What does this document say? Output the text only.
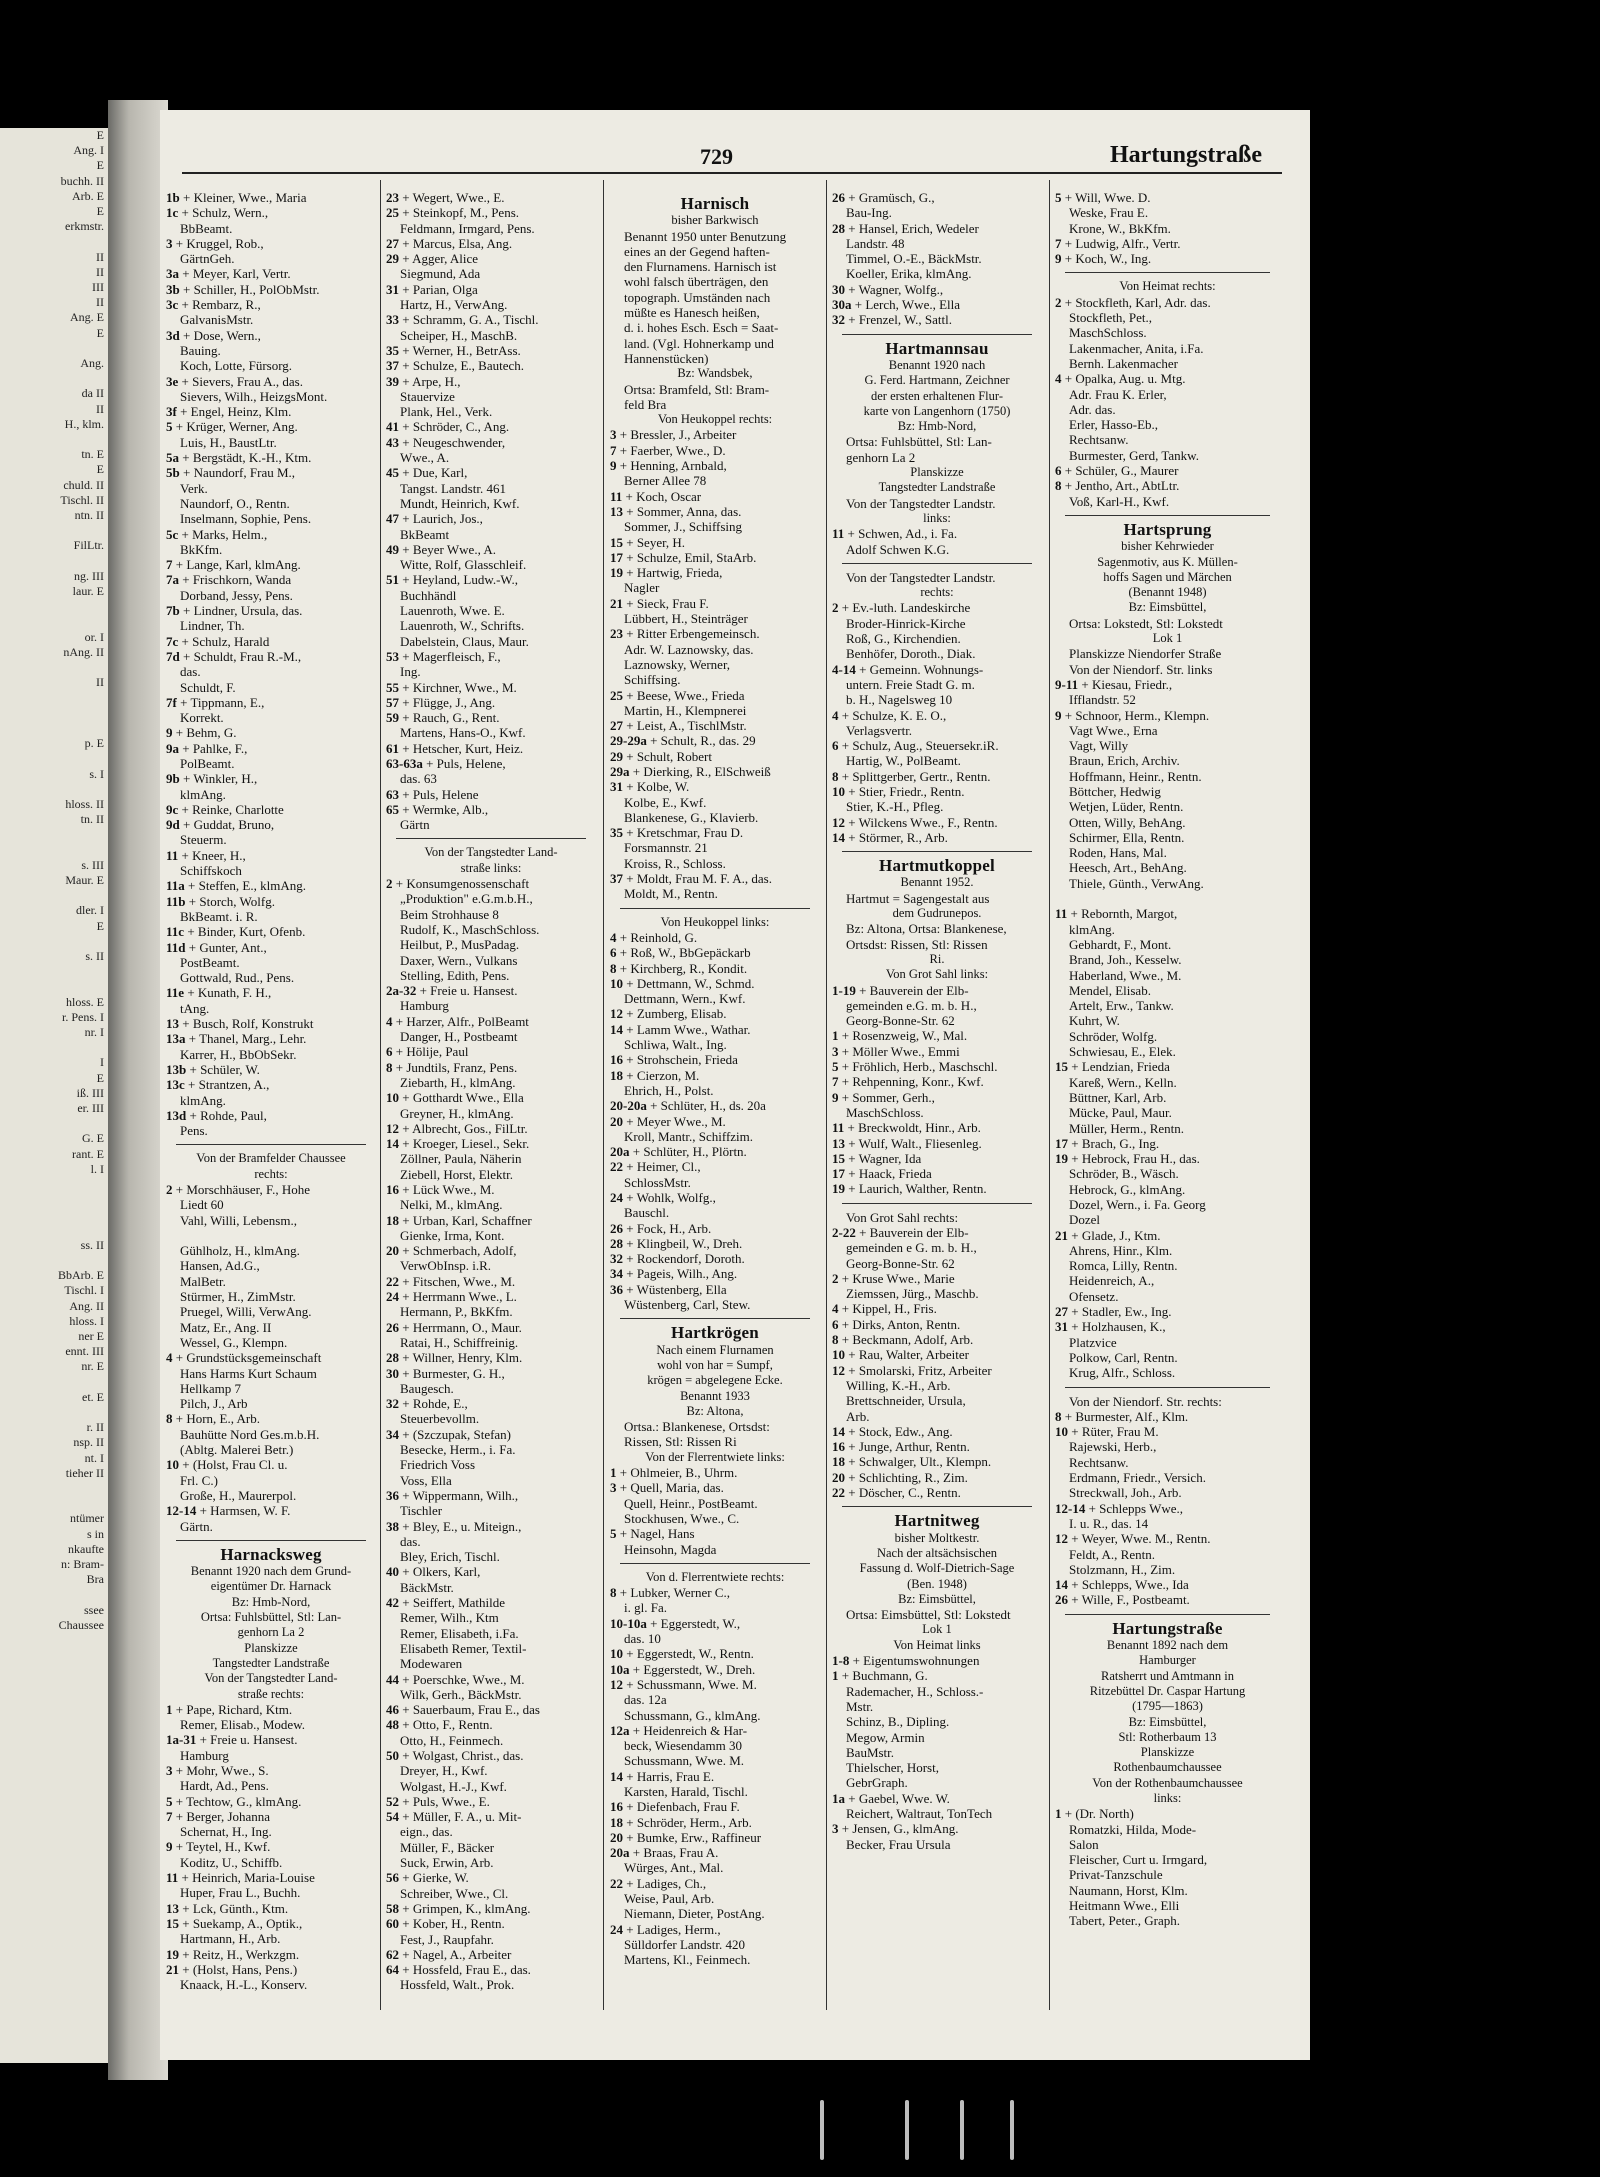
E
Ang. I
E
buchh. II
Arb. E
E
erkmstr.

II
II
III
II
Ang. E
E

Ang.

da II
II
H., klm.

tn. E
E
chuld. II
Tischl. II
ntn. II

FilLtr.

ng. III
laur. E

or. I
nAng. II

II

p. E

s. I

hloss. II
tn. II

s. III
Maur. E

dler. I
E

s. II

hloss. E
r. Pens. I
nr. I

I
E
iß. III
er. III

G. E
rant. E
l. I

ss. II

BbArb. E
Tischl. I
Ang. II
hloss. I
ner E
ennt. III
nr. E

et. E

r. II
nsp. II
nt. I
tieher II

ntümer
s in
nkaufte
n: Bram-
Bra

ssee
Chaussee
729	Hartungstraße
1b + Kleiner, Wwe., Maria
1c + Schulz, Wern.,
BbBeamt.
3 + Kruggel, Rob.,
GärtnGeh.
3a + Meyer, Karl, Vertr.
3b + Schiller, H., PolObMstr.
3c + Rembarz, R.,
GalvanisMstr.
3d + Dose, Wern.,
Bauing.
Koch, Lotte, Fürsorg.
3e + Sievers, Frau A., das.
Sievers, Wilh., HeizgsMont.
3f + Engel, Heinz, Klm.
5 + Krüger, Werner, Ang.
Luis, H., BaustLtr.
5a + Bergstädt, K.-H., Ktm.
5b + Naundorf, Frau M.,
Verk.
Naundorf, O., Rentn.
Inselmann, Sophie, Pens.
5c + Marks, Helm.,
BkKfm.
7 + Lange, Karl, klmAng.
7a + Frischkorn, Wanda
Dorband, Jessy, Pens.
7b + Lindner, Ursula, das.
Lindner, Th.
7c + Schulz, Harald
7d + Schuldt, Frau R.-M.,
das.
Schuldt, F.
7f + Tippmann, E.,
Korrekt.
9 + Behm, G.
9a + Pahlke, F.,
PolBeamt.
9b + Winkler, H.,
klmAng.
9c + Reinke, Charlotte
9d + Guddat, Bruno,
Steuerm.
11 + Kneer, H.,
Schiffskoch
11a + Steffen, E., klmAng.
11b + Storch, Wolfg.
BkBeamt. i. R.
11c + Binder, Kurt, Ofenb.
11d + Gunter, Ant.,
PostBeamt.
Gottwald, Rud., Pens.
11e + Kunath, F. H.,
tAng.
13 + Busch, Rolf, Konstrukt
13a + Thanel, Marg., Lehr.
Karrer, H., BbObSekr.
13b + Schüler, W.
13c + Strantzen, A.,
klmAng.
13d + Rohde, Paul,
Pens.
Von der Bramfelder Chaussee
rechts:
2 + Morschhäuser, F., Hohe
Liedt 60
Vahl, Willi, Lebensm.,

Gühlholz, H., klmAng.
Hansen, Ad.G.,
MalBetr.
Stürmer, H., ZimMstr.
Pruegel, Willi, VerwAng.
Matz, Er., Ang. II
Wessel, G., Klempn.
4 + Grundstücksgemeinschaft
Hans Harms Kurt Schaum
Hellkamp 7
Pilch, J., Arb
8 + Horn, E., Arb.
Bauhütte Nord Ges.m.b.H.
(Abltg. Malerei Betr.)
10 + (Holst, Frau Cl. u.
Frl. C.)
Große, H., Maurerpol.
12-14 + Harmsen, W. F.
Gärtn.
Harnacksweg
Benannt 1920 nach dem Grund-
eigentümer Dr. Harnack
Bz: Hmb-Nord,
Ortsa: Fuhlsbüttel, Stl: Lan-
genhorn La 2
Planskizze
Tangstedter Landstraße
Von der Tangstedter Land-
straße rechts:
1 + Pape, Richard, Ktm.
Remer, Elisab., Modew.
1a-31 + Freie u. Hansest.
Hamburg
3 + Mohr, Wwe., S.
Hardt, Ad., Pens.
5 + Techtow, G., klmAng.
7 + Berger, Johanna
Schernat, H., Ing.
9 + Teytel, H., Kwf.
Koditz, U., Schiffb.
11 + Heinrich, Maria-Louise
Huper, Frau L., Buchh.
13 + Lck, Günth., Ktm.
15 + Suekamp, A., Optik.,
Hartmann, H., Arb.
19 + Reitz, H., Werkzgm.
21 + (Holst, Hans, Pens.)
Knaack, H.-L., Konserv.
23 + Wegert, Wwe., E.
25 + Steinkopf, M., Pens.
Feldmann, Irmgard, Pens.
27 + Marcus, Elsa, Ang.
29 + Agger, Alice
Siegmund, Ada
31 + Parian, Olga
Hartz, H., VerwAng.
33 + Schramm, G. A., Tischl.
Scheiper, H., MaschB.
35 + Werner, H., BetrAss.
37 + Schulze, E., Bautech.
39 + Arpe, H.,
Stauervize
Plank, Hel., Verk.
41 + Schröder, C., Ang.
43 + Neugeschwender,
Wwe., A.
45 + Due, Karl,
Tangst. Landstr. 461
Mundt, Heinrich, Kwf.
47 + Laurich, Jos.,
BkBeamt
49 + Beyer Wwe., A.
Witte, Rolf, Glasschleif.
51 + Heyland, Ludw.-W.,
Buchhändl
Lauenroth, Wwe. E.
Lauenroth, W., Schrifts.
Dabelstein, Claus, Maur.
53 + Magerfleisch, F.,
Ing.
55 + Kirchner, Wwe., M.
57 + Flügge, J., Ang.
59 + Rauch, G., Rent.
Martens, Hans-O., Kwf.
61 + Hetscher, Kurt, Heiz.
63-63a + Puls, Helene,
das. 63
63 + Puls, Helene
65 + Wermke, Alb.,
Gärtn
Von der Tangstedter Land-
straße links:
2 + Konsumgenossenschaft
„Produktion" e.G.m.b.H.,
Beim Strohhause 8
Rudolf, K., MaschSchloss.
Heilbut, P., MusPadag.
Daxer, Wern., Vulkans
Stelling, Edith, Pens.
2a-32 + Freie u. Hansest.
Hamburg
4 + Harzer, Alfr., PolBeamt
Danger, H., Postbeamt
6 + Hölije, Paul
8 + Jundtils, Franz, Pens.
Ziebarth, H., klmAng.
10 + Gotthardt Wwe., Ella
Greyner, H., klmAng.
12 + Albrecht, Gos., FilLtr.
14 + Kroeger, Liesel., Sekr.
Zöllner, Paula, Näherin
Ziebell, Horst, Elektr.
16 + Lück Wwe., M.
Nelki, M., klmAng.
18 + Urban, Karl, Schaffner
Gienke, Irma, Kont.
20 + Schmerbach, Adolf,
VerwObInsp. i.R.
22 + Fitschen, Wwe., M.
24 + Herrmann Wwe., L.
Hermann, P., BkKfm.
26 + Herrmann, O., Maur.
Ratai, H., Schiffreinig.
28 + Willner, Henry, Klm.
30 + Burmester, G. H.,
Baugesch.
32 + Rohde, E.,
Steuerbevollm.
34 + (Szczupak, Stefan)
Besecke, Herm., i. Fa.
Friedrich Voss
Voss, Ella
36 + Wippermann, Wilh.,
Tischler
38 + Bley, E., u. Miteign.,
das.
Bley, Erich, Tischl.
40 + Olkers, Karl,
BäckMstr.
42 + Seiffert, Mathilde
Remer, Wilh., Ktm
Remer, Elisabeth, i.Fa.
Elisabeth Remer, Textil-
Modewaren
44 + Poerschke, Wwe., M.
Wilk, Gerh., BäckMstr.
46 + Sauerbaum, Frau E., das
48 + Otto, F., Rentn.
Otto, H., Feinmech.
50 + Wolgast, Christ., das.
Dreyer, H., Kwf.
Wolgast, H.-J., Kwf.
52 + Puls, Wwe., E.
54 + Müller, F. A., u. Mit-
eign., das.
Müller, F., Bäcker
Suck, Erwin, Arb.
56 + Gierke, W.
Schreiber, Wwe., Cl.
58 + Grimpen, K., klmAng.
60 + Kober, H., Rentn.
Fest, J., Raupfahr.
62 + Nagel, A., Arbeiter
64 + Hossfeld, Frau E., das.
Hossfeld, Walt., Prok.
Harnisch
bisher Barkwisch
Benannt 1950 unter Benutzung
eines an der Gegend haften-
den Flurnamens. Harnisch ist
wohl falsch überträgen, den
topograph. Umständen nach
müßte es Hanesch heißen,
d. i. hohes Esch. Esch = Saat-
land. (Vgl. Hohnerkamp und
Hannenstücken)
Bz: Wandsbek,
Ortsa: Bramfeld, Stl: Bram-
feld Bra
Von Heukoppel rechts:
3 + Bressler, J., Arbeiter
7 + Faerber, Wwe., D.
9 + Henning, Arnbald,
Berner Allee 78
11 + Koch, Oscar
13 + Sommer, Anna, das.
Sommer, J., Schiffsing
15 + Seyer, H.
17 + Schulze, Emil, StaArb.
19 + Hartwig, Frieda,
Nagler
21 + Sieck, Frau F.
Lübbert, H., Steinträger
23 + Ritter Erbengemeinsch.
Adr. W. Laznowsky, das.
Laznowsky, Werner,
Schiffsing.
25 + Beese, Wwe., Frieda
Martin, H., Klempnerei
27 + Leist, A., TischlMstr.
29-29a + Schult, R., das. 29
29 + Schult, Robert
29a + Dierking, R., ElSchweiß
31 + Kolbe, W.
Kolbe, E., Kwf.
Blankenese, G., Klavierb.
35 + Kretschmar, Frau D.
Forsmannstr. 21
Kroiss, R., Schloss.
37 + Moldt, Frau M. F. A., das.
Moldt, M., Rentn.
Von Heukoppel links:
4 + Reinhold, G.
6 + Roß, W., BbGepäckarb
8 + Kirchberg, R., Kondit.
10 + Dettmann, W., Schmd.
Dettmann, Wern., Kwf.
12 + Zumberg, Elisab.
14 + Lamm Wwe., Wathar.
Schliwa, Walt., Ing.
16 + Strohschein, Frieda
18 + Cierzon, M.
Ehrich, H., Polst.
20-20a + Schlüter, H., ds. 20a
20 + Meyer Wwe., M.
Kroll, Mantr., Schiffzim.
20a + Schlüter, H., Plörtn.
22 + Heimer, Cl.,
SchlossMstr.
24 + Wohlk, Wolfg.,
Bauschl.
26 + Fock, H., Arb.
28 + Klingbeil, W., Dreh.
32 + Rockendorf, Doroth.
34 + Pageis, Wilh., Ang.
36 + Wüstenberg, Ella
Wüstenberg, Carl, Stew.
Hartkrögen
Nach einem Flurnamen
wohl von har = Sumpf,
krögen = abgelegene Ecke.
Benannt 1933
Bz: Altona,
Ortsa.: Blankenese, Ortsdst:
Rissen, Stl: Rissen Ri
Von der Flerrentwiete links:
1 + Ohlmeier, B., Uhrm.
3 + Quell, Maria, das.
Quell, Heinr., PostBeamt.
Stockhusen, Wwe., C.
5 + Nagel, Hans
Heinsohn, Magda
Von d. Flerrentwiete rechts:
8 + Lubker, Werner C.,
i. gl. Fa.
10-10a + Eggerstedt, W.,
das. 10
10 + Eggerstedt, W., Rentn.
10a + Eggerstedt, W., Dreh.
12 + Schussmann, Wwe. M.
das. 12a
Schussmann, G., klmAng.
12a + Heidenreich & Har-
beck, Wiesendamm 30
Schussmann, Wwe. M.
14 + Harris, Frau E.
Karsten, Harald, Tischl.
16 + Diefenbach, Frau F.
18 + Schröder, Herm., Arb.
20 + Bumke, Erw., Raffineur
20a + Braas, Frau A.
Würges, Ant., Mal.
22 + Ladiges, Ch.,
Weise, Paul, Arb.
Niemann, Dieter, PostAng.
24 + Ladiges, Herm.,
Sülldorfer Landstr. 420
Martens, Kl., Feinmech.
26 + Gramüsch, G.,
Bau-Ing.
28 + Hansel, Erich, Wedeler
Landstr. 48
Timmel, O.-E., BäckMstr.
Koeller, Erika, klmAng.
30 + Wagner, Wolfg.,
30a + Lerch, Wwe., Ella
32 + Frenzel, W., Sattl.
Hartmannsau
Benannt 1920 nach
G. Ferd. Hartmann, Zeichner
der ersten erhaltenen Flur-
karte von Langenhorn (1750)
Bz: Hmb-Nord,
Ortsa: Fuhlsbüttel, Stl: Lan-
genhorn La 2
Planskizze
Tangstedter Landstraße
Von der Tangstedter Landstr.
links:
11 + Schwen, Ad., i. Fa.
Adolf Schwen K.G.
Von der Tangstedter Landstr.
rechts:
2 + Ev.-luth. Landeskirche
Broder-Hinrick-Kirche
Roß, G., Kirchendien.
Benhöfer, Doroth., Diak.
4-14 + Gemeinn. Wohnungs-
untern. Freie Stadt G. m.
b. H., Nagelsweg 10
4 + Schulze, K. E. O.,
Verlagsvertr.
6 + Schulz, Aug., Steuersekr.iR.
Hartig, W., PolBeamt.
8 + Splittgerber, Gertr., Rentn.
10 + Stier, Friedr., Rentn.
Stier, K.-H., Pfleg.
12 + Wilckens Wwe., F., Rentn.
14 + Störmer, R., Arb.
Hartmutkoppel
Benannt 1952.
Hartmut = Sagengestalt aus
dem Gudrunepos.
Bz: Altona, Ortsa: Blankenese,
Ortsdst: Rissen, Stl: Rissen
Ri.
Von Grot Sahl links:
1-19 + Bauverein der Elb-
gemeinden e.G. m. b. H.,
Georg-Bonne-Str. 62
1 + Rosenzweig, W., Mal.
3 + Möller Wwe., Emmi
5 + Fröhlich, Herb., Maschschl.
7 + Rehpenning, Konr., Kwf.
9 + Sommer, Gerh.,
MaschSchloss.
11 + Breckwoldt, Hinr., Arb.
13 + Wulf, Walt., Fliesenleg.
15 + Wagner, Ida
17 + Haack, Frieda
19 + Laurich, Walther, Rentn.
Von Grot Sahl rechts:
2-22 + Bauverein der Elb-
gemeinden e G. m. b. H.,
Georg-Bonne-Str. 62
2 + Kruse Wwe., Marie
Ziemssen, Jürg., Maschb.
4 + Kippel, H., Fris.
6 + Dirks, Anton, Rentn.
8 + Beckmann, Adolf, Arb.
10 + Rau, Walter, Arbeiter
12 + Smolarski, Fritz, Arbeiter
Willing, K.-H., Arb.
Brettschneider, Ursula,
Arb.
14 + Stock, Edw., Ang.
16 + Junge, Arthur, Rentn.
18 + Schwalger, Ult., Klempn.
20 + Schlichting, R., Zim.
22 + Döscher, C., Rentn.
Hartnitweg
bisher Moltkestr.
Nach der altsächsischen
Fassung d. Wolf-Dietrich-Sage
(Ben. 1948)
Bz: Eimsbüttel,
Ortsa: Eimsbüttel, Stl: Lokstedt
Lok 1
Von Heimat links
1-8 + Eigentumswohnungen
1 + Buchmann, G.
Rademacher, H., Schloss.-
Mstr.
Schinz, B., Dipling.
Megow, Armin
BauMstr.
Thielscher, Horst,
GebrGraph.
1a + Gaebel, Wwe. W.
Reichert, Waltraut, TonTech
3 + Jensen, G., klmAng.
Becker, Frau Ursula
5 + Will, Wwe. D.
Weske, Frau E.
Krone, W., BkKfm.
7 + Ludwig, Alfr., Vertr.
9 + Koch, W., Ing.
Von Heimat rechts:
2 + Stockfleth, Karl, Adr. das.
Stockfleth, Pet.,
MaschSchloss.
Lakenmacher, Anita, i.Fa.
Bernh. Lakenmacher
4 + Opalka, Aug. u. Mtg.
Adr. Frau K. Erler,
Adr. das.
Erler, Hasso-Eb.,
Rechtsanw.
Burmester, Gerd, Tankw.
6 + Schüler, G., Maurer
8 + Jentho, Art., AbtLtr.
Voß, Karl-H., Kwf.
Hartsprung
bisher Kehrwieder
Sagenmotiv, aus K. Müllen-
hoffs Sagen und Märchen
(Benannt 1948)
Bz: Eimsbüttel,
Ortsa: Lokstedt, Stl: Lokstedt
Lok 1
Planskizze Niendorfer Straße
Von der Niendorf. Str. links
9-11 + Kiesau, Friedr.,
Ifflandstr. 52
9 + Schnoor, Herm., Klempn.
Vagt Wwe., Erna
Vagt, Willy
Braun, Erich, Archiv.
Hoffmann, Heinr., Rentn.
Böttcher, Hedwig
Wetjen, Lüder, Rentn.
Otten, Willy, BehAng.
Schirmer, Ella, Rentn.
Roden, Hans, Mal.
Heesch, Art., BehAng.
Thiele, Günth., VerwAng.

11 + Rebornth, Margot,
klmAng.
Gebhardt, F., Mont.
Brand, Joh., Kesselw.
Haberland, Wwe., M.
Mendel, Elisab.
Artelt, Erw., Tankw.
Kuhrt, W.
Schröder, Wolfg.
Schwiesau, E., Elek.
15 + Lendzian, Frieda
Kareß, Wern., Kelln.
Büttner, Karl, Arb.
Mücke, Paul, Maur.
Müller, Herm., Rentn.
17 + Brach, G., Ing.
19 + Hebrock, Frau H., das.
Schröder, B., Wäsch.
Hebrock, G., klmAng.
Dozel, Wern., i. Fa. Georg
Dozel
21 + Glade, J., Ktm.
Ahrens, Hinr., Klm.
Romca, Lilly, Rentn.
Heidenreich, A.,
Ofensetz.
27 + Stadler, Ew., Ing.
31 + Holzhausen, K.,
Platzvice
Polkow, Carl, Rentn.
Krug, Alfr., Schloss.
Von der Niendorf. Str. rechts:
8 + Burmester, Alf., Klm.
10 + Rüter, Frau M.
Rajewski, Herb.,
Rechtsanw.
Erdmann, Friedr., Versich.
Streckwall, Joh., Arb.
12-14 + Schlepps Wwe.,
I. u. R., das. 14
12 + Weyer, Wwe. M., Rentn.
Feldt, A., Rentn.
Stolzmann, H., Zim.
14 + Schlepps, Wwe., Ida
26 + Wille, F., Postbeamt.
Hartungstraße
Benannt 1892 nach dem
Hamburger
Ratsherrt und Amtmann in
Ritzebüttel Dr. Caspar Hartung
(1795—1863)
Bz: Eimsbüttel,
Stl: Rotherbaum 13
Planskizze
Rothenbaumchaussee
Von der Rothenbaumchaussee
links:
1 + (Dr. North)
Romatzki, Hilda, Mode-
Salon
Fleischer, Curt u. Irmgard,
Privat-Tanzschule
Naumann, Horst, Klm.
Heitmann Wwe., Elli
Tabert, Peter., Graph.
